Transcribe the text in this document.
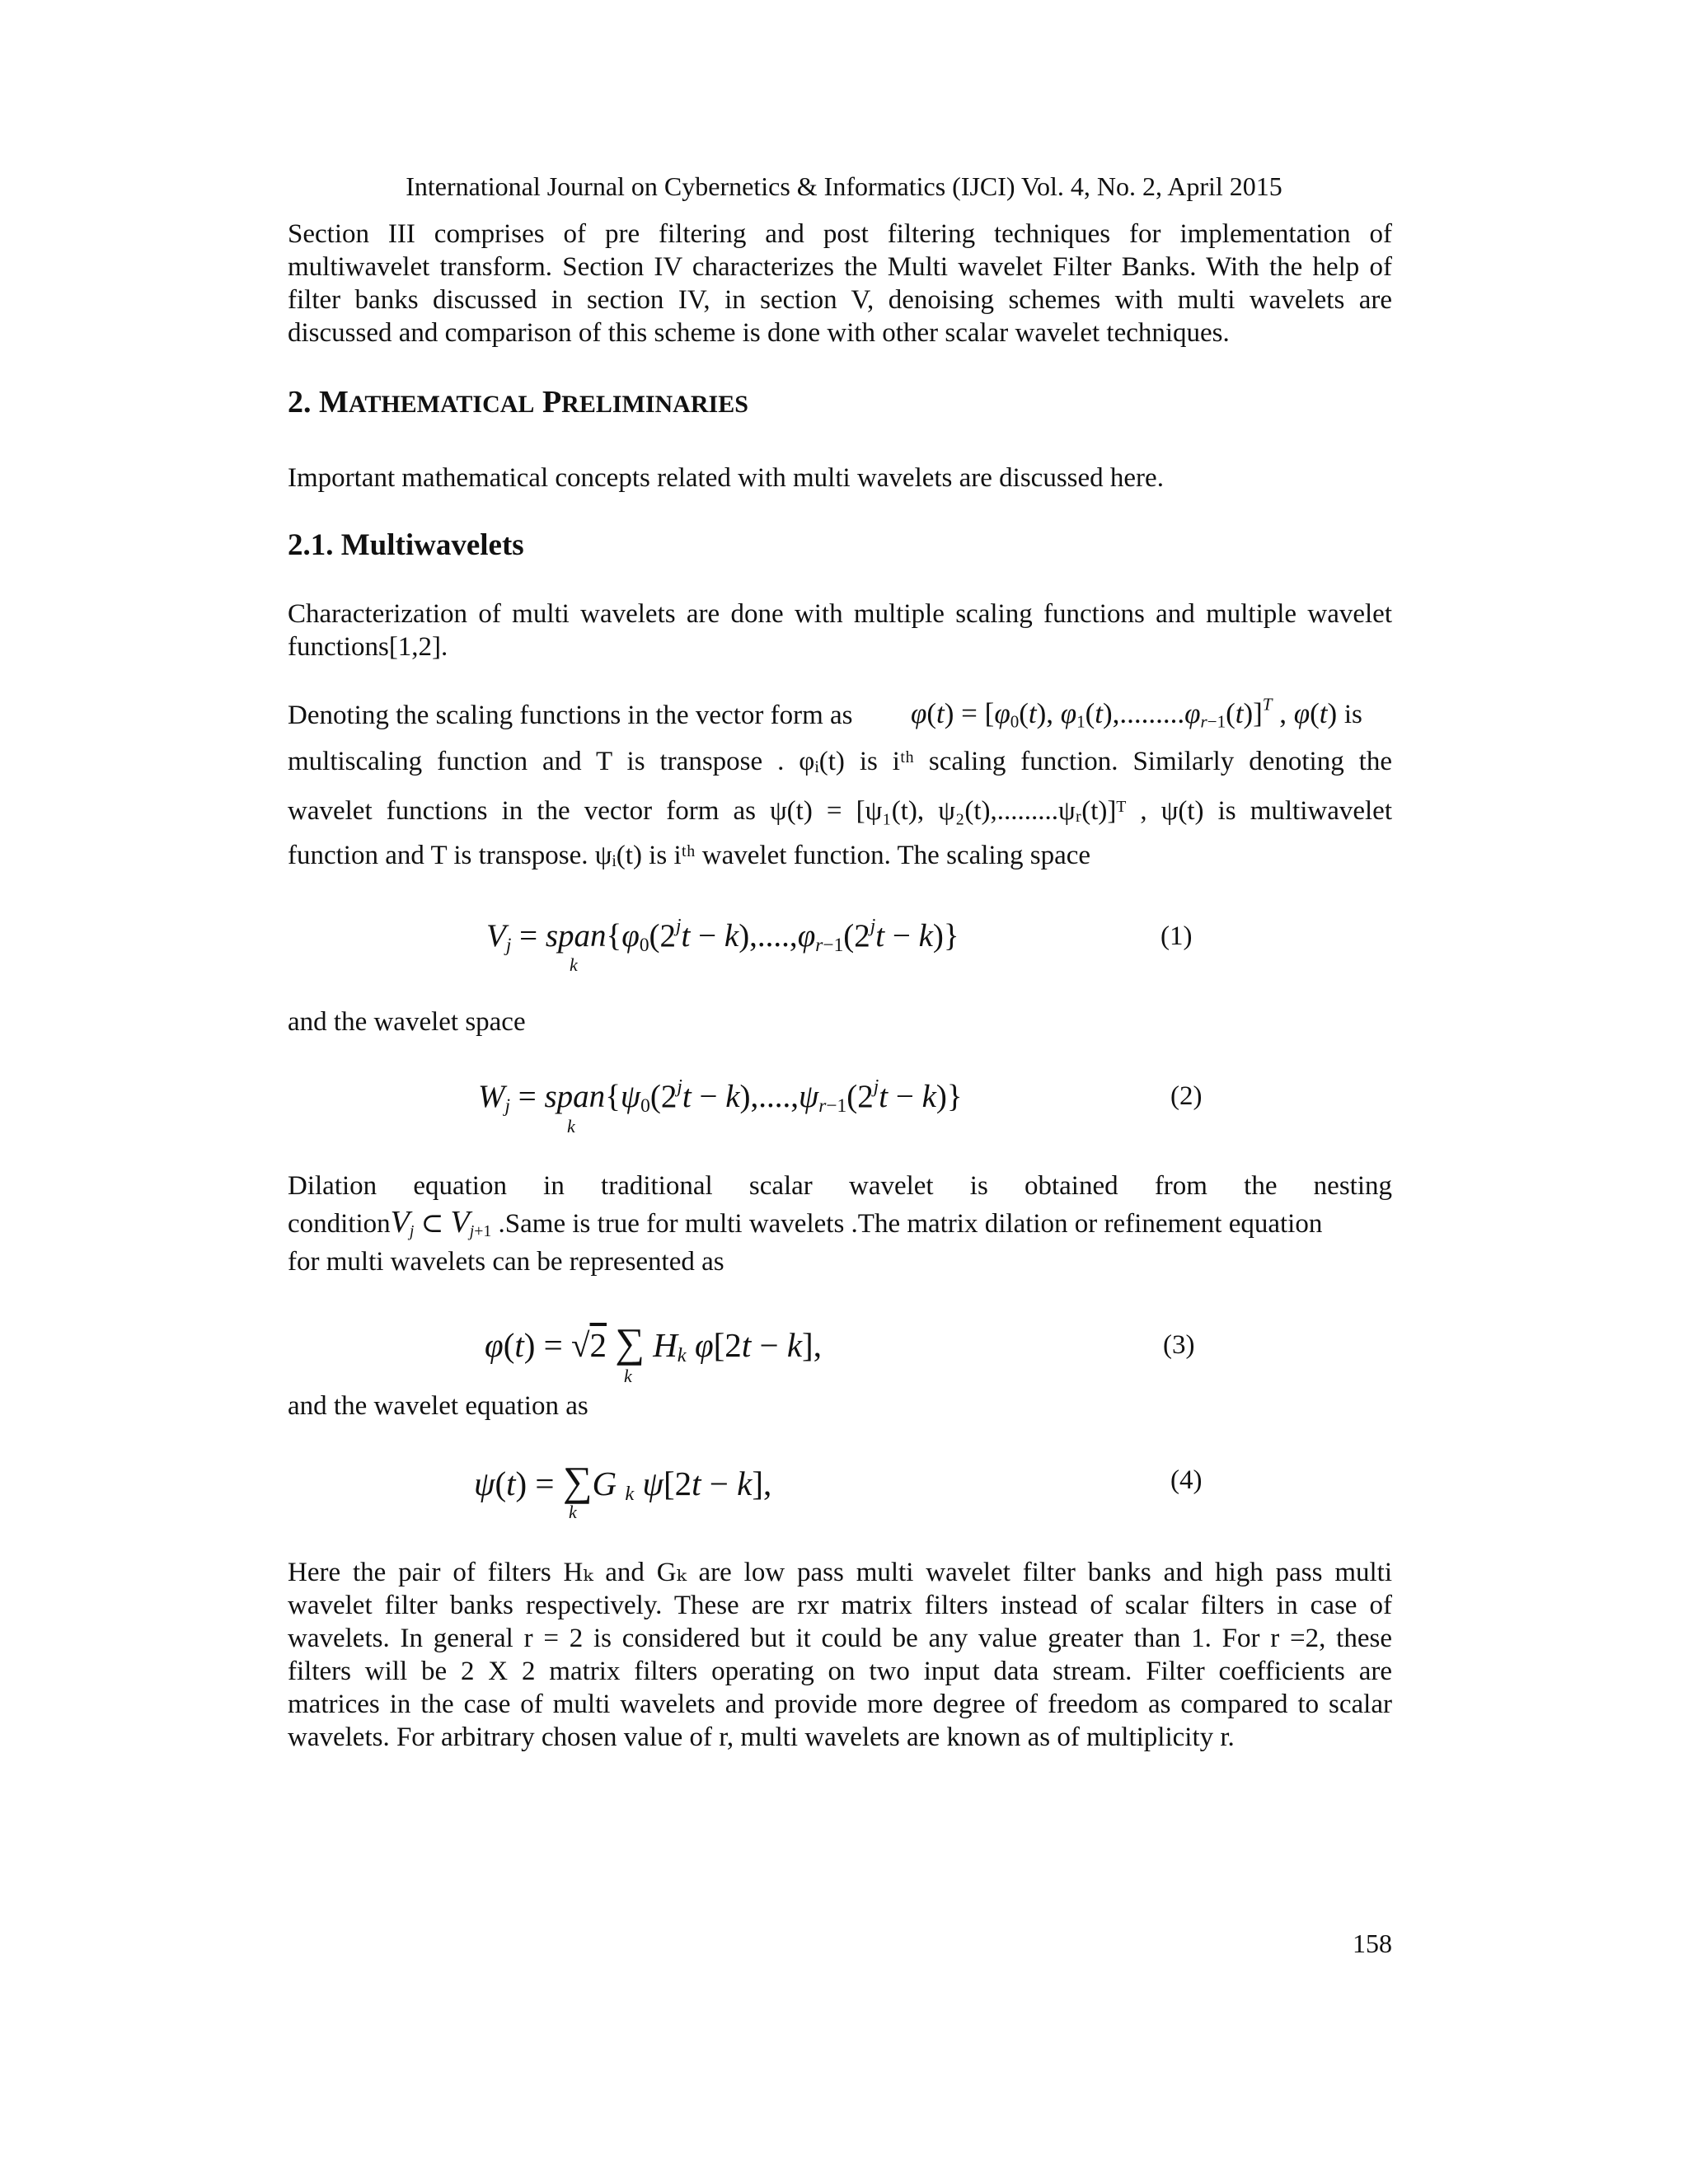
International Journal on Cybernetics & Informatics (IJCI) Vol. 4, No. 2, April 2015
Section III comprises of pre filtering and post filtering techniques for implementation of
multiwavelet transform. Section IV characterizes the Multi wavelet Filter Banks. With the help of
filter banks discussed in section IV, in section V, denoising schemes with multi wavelets are
discussed and comparison of this scheme is done with other scalar wavelet techniques.
2. MATHEMATICAL PRELIMINARIES
Important mathematical concepts related with multi wavelets are discussed here.
2.1. Multiwavelets
Characterization of multi wavelets are done with multiple scaling functions and multiple wavelet
functions[1,2].
Denoting the scaling functions in the vector form as $\varphi(t) = [\varphi_0(t)$, $\varphi_1(t),.........\varphi_{r-1}(t)]^T$ , φ(t) is
multiscaling function and T is transpose . φᵢ(t) is iᵗʰ scaling function. Similarly denoting the
wavelet functions in the vector form as ψ(t) = [ψ₁(t), ψ₂(t),.........ψᵣ(t)]ᵀ , ψ(t) is multiwavelet
function and T is transpose. ψᵢ(t) is iᵗʰ wavelet function. The scaling space
$V_j$ = $span\{\varphi_0(2^jt - k),....,\varphi_{r-1}(2^jt - k)\}$
k
(1)
and the wavelet space
$W_j$ = $span\{\psi_0(2^jt - k),....,\psi_{r-1}(2^jt - k)\}$
k
(2)
Dilation equation in traditional scalar wavelet is obtained from the nesting
conditionV$_j$ ⊂ $V_{j+1}$ .Same is true for multi wavelets .The matrix dilation or refinement equation
for multi wavelets can be represented as
φ(t) = √2 ∑ $H_k$ φ[2t − k],
k
(3)
and the wavelet equation as
ψ(t) = ∑G $_k$ ψ[2t − k],
k
(4)
Here the pair of filters Hₖ and Gₖ are low pass multi wavelet filter banks and high pass multi
wavelet filter banks respectively. These are rxr matrix filters instead of scalar filters in case of
wavelets. In general r = 2 is considered but it could be any value greater than 1. For r =2, these
filters will be 2 X 2 matrix filters operating on two input data stream. Filter coefficients are
matrices in the case of multi wavelets and provide more degree of freedom as compared to scalar
wavelets. For arbitrary chosen value of r, multi wavelets are known as of multiplicity r.
158
